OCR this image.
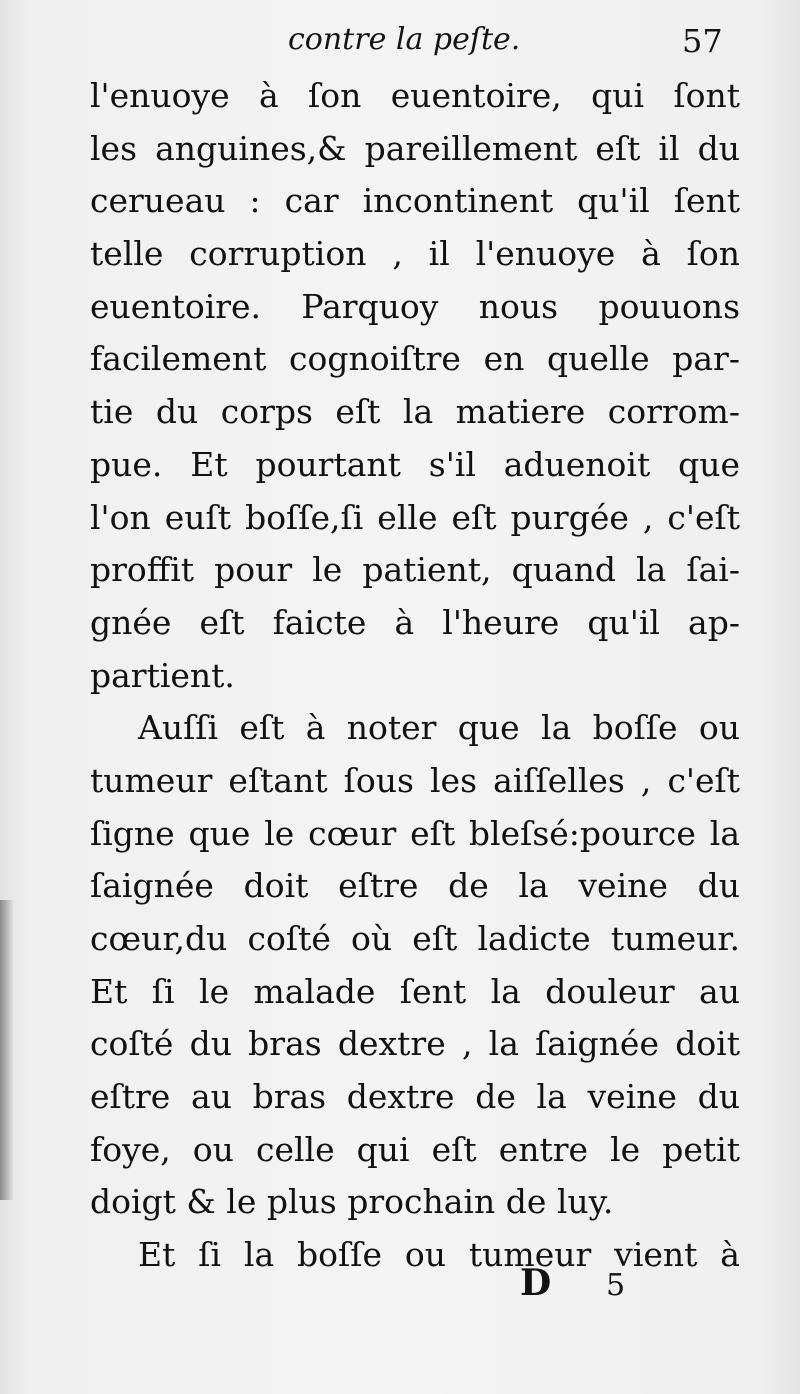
contre la peſte.	57
l'enuoye à ſon euentoire, qui ſont
les anguines,& pareillement eſt il du
cerueau : car incontinent qu'il ſent
telle corruption , il l'enuoye à ſon
euentoire. Parquoy nous pouuons
facilement cognoiſtre en quelle par-
tie du corps eſt la matiere corrom-
pue. Et pourtant s'il aduenoit que
l'on euſt boſſe,ſi elle eſt purgée , c'eſt
proffit pour le patient, quand la ſai-
gnée eſt faicte à l'heure qu'il ap-
partient.
Auſſi eſt à noter que la boſſe ou
tumeur eſtant ſous les aiſſelles , c'eſt
ſigne que le cœur eſt bleſsé:pource la
ſaignée doit eſtre de la veine du
cœur,du coſté où eſt ladicte tumeur.
Et ſi le malade ſent la douleur au
coſté du bras dextre , la ſaignée doit
eſtre au bras dextre de la veine du
foye, ou celle qui eſt entre le petit
doigt & le plus prochain de luy.
Et ſi la boſſe ou tumeur vient à
D 5
